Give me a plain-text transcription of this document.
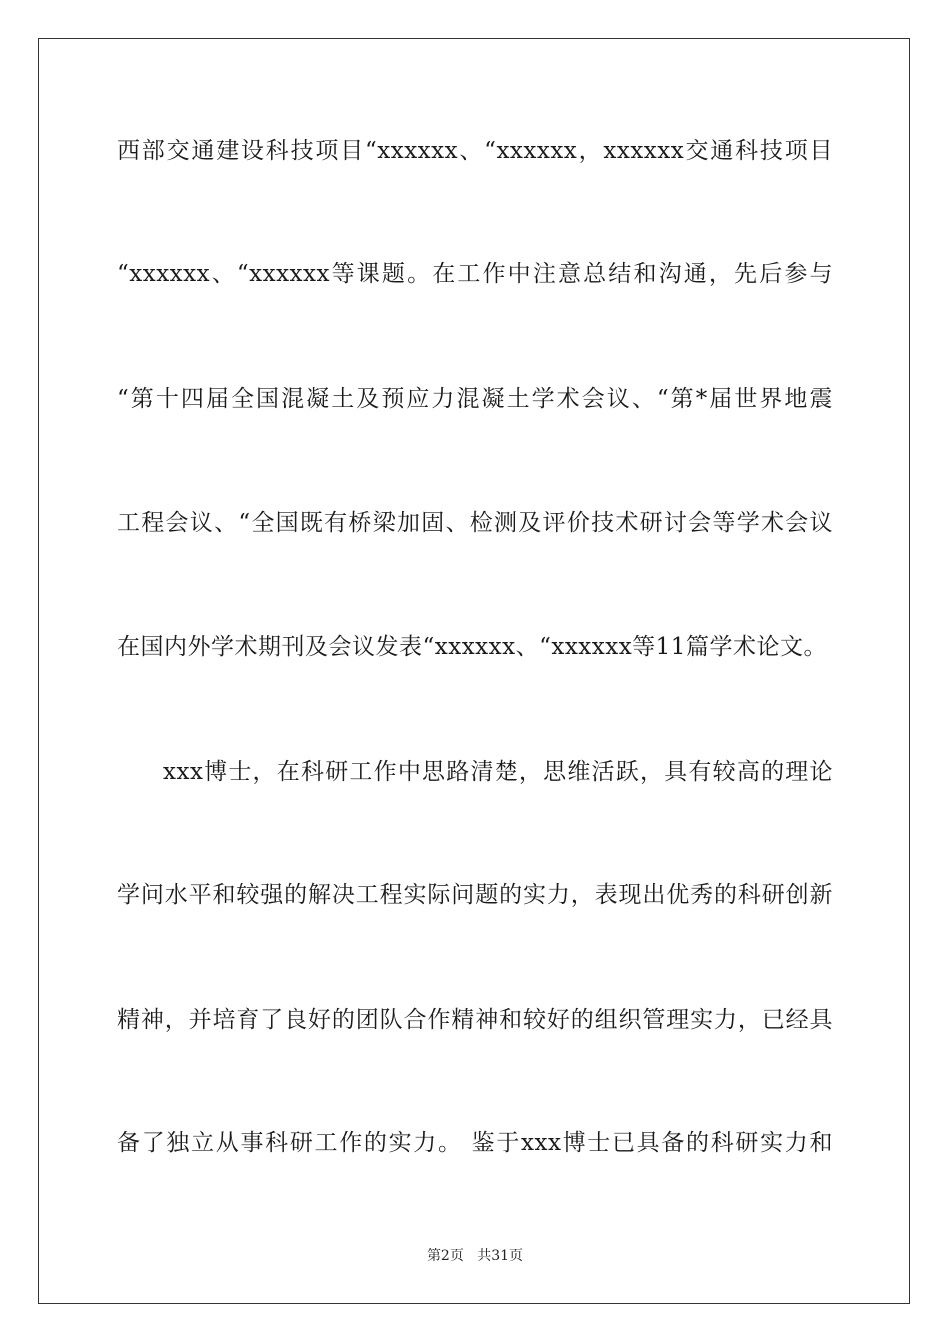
西部交通建设科技项目“xxxxxx、“xxxxxx，xxxxxx交通科技项目
“xxxxxx、“xxxxxx等课题。在工作中注意总结和沟通，先后参与
“第十四届全国混凝土及预应力混凝土学术会议、“第*届世界地震
工程会议、“全国既有桥梁加固、检测及评价技术研讨会等学术会议
在国内外学术期刊及会议发表“xxxxxx、“xxxxxx等11篇学术论文。
xxx博士，在科研工作中思路清楚，思维活跃，具有较高的理论
学问水平和较强的解决工程实际问题的实力，表现出优秀的科研创新
精神，并培育了良好的团队合作精神和较好的组织管理实力，已经具
备了独立从事科研工作的实力。 鉴于xxx博士已具备的科研实力和
第2页 共31页
